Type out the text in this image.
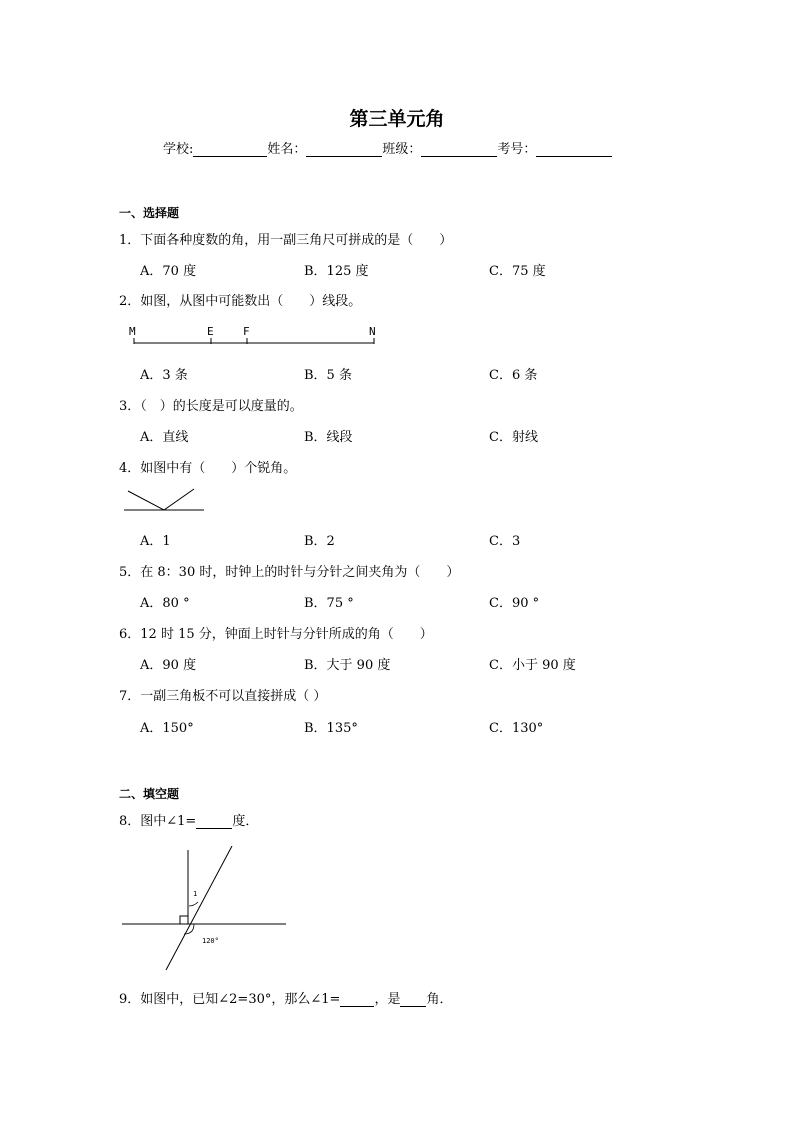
第三单元角
学校:	姓名：	班级：	考号：
一、选择题
1．下面各种度数的角，用一副三角尺可拼成的是（　　）
A．70 度	B．125 度	C．75 度
2．如图，从图中可能数出（　　）线段。
M	E	F	N
A．3 条	B．5 条	C．6 条
3．（　）的长度是可以度量的。
A．直线	B．线段	C．射线
4．如图中有（　　）个锐角。
A．1	B．2	C．3
5．在 8：30 时，时钟上的时针与分针之间夹角为（　　）
A．80 °	B．75 °	C．90 °
6．12 时 15 分，钟面上时针与分针所成的角（　　）
A．90 度	B．大于 90 度	C．小于 90 度
7．一副三角板不可以直接拼成（ ）
A．150°	B．135°	C．130°
二、填空题
8．图中∠1=	度．
1
120°
9．如图中，已知∠2=30°，那么∠1=	，是 角．
